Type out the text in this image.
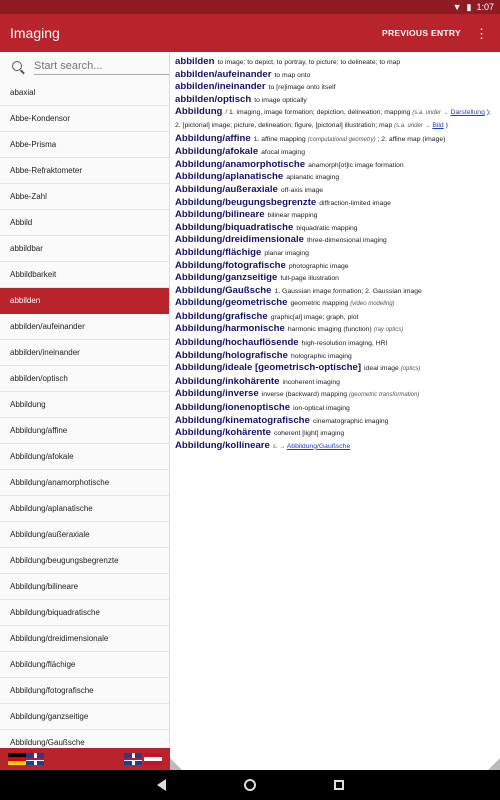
▼ ▮ 1:07
Imaging	PREVIOUS ENTRY ⋮
Start search...
abaxial
Abbe-Kondensor
Abbe-Prisma
Abbe-Refraktometer
Abbe-Zahl
Abbild
abbildbar
Abbildbarkeit
abbilden
abbilden/aufeinander
abbilden/ineinander
abbilden/optisch
Abbildung
Abbildung/affine
Abbildung/afokale
Abbildung/anamorphotische
Abbildung/aplanatische
Abbildung/außeraxiale
Abbildung/beugungsbegrenzte
Abbildung/bilineare
Abbildung/biquadratische
Abbildung/dreidimensionale
Abbildung/flächige
Abbildung/fotografische
Abbildung/ganzseitige
Abbildung/Gaußsche
abbilden to image; to depict, to portray, to picture; to delineate; to map
abbilden/aufeinander to map onto
abbilden/ineinander to [re]image onto itself
abbilden/optisch to image optically
Abbildung f 1. imaging, image formation; depiction, delineation; mapping (s.a. under → Darstellung ); 2. [pictorial] image; picture, delineation; figure, [pictorial] illustration; map (s.a. under → Bild )
Abbildung/affine 1. affine mapping (computational geometry) ; 2. affine map (image)
Abbildung/afokale afocal imaging
Abbildung/anamorphotische anamorph[ot]ic image formation
Abbildung/aplanatische aplanatic imaging
Abbildung/außeraxiale off-axis image
Abbildung/beugungsbegrenzte diffraction-limited image
Abbildung/bilineare bilinear mapping
Abbildung/biquadratische biquadratic mapping
Abbildung/dreidimensionale three-dimensional imaging
Abbildung/flächige planar imaging
Abbildung/fotografische photographic image
Abbildung/ganzseitige full-page illustration
Abbildung/Gaußsche 1. Gaussian image formation; 2. Gaussian image
Abbildung/geometrische geometric mapping (video modeling)
Abbildung/grafische graphic[al] image; graph, plot
Abbildung/harmonische harmonic imaging (function) (ray optics)
Abbildung/hochauflösende high-resolution imaging, HRI
Abbildung/holografische holographic imaging
Abbildung/ideale [geometrisch-optische] ideal image (optics)
Abbildung/inkohärente incoherent imaging
Abbildung/inverse inverse (backward) mapping (geometric transformation)
Abbildung/ionenoptische ion-optical imaging
Abbildung/kinematografische cinematographic imaging
Abbildung/kohärente coherent [light] imaging
Abbildung/kollineare s. → Abbildung/Gaußsche
